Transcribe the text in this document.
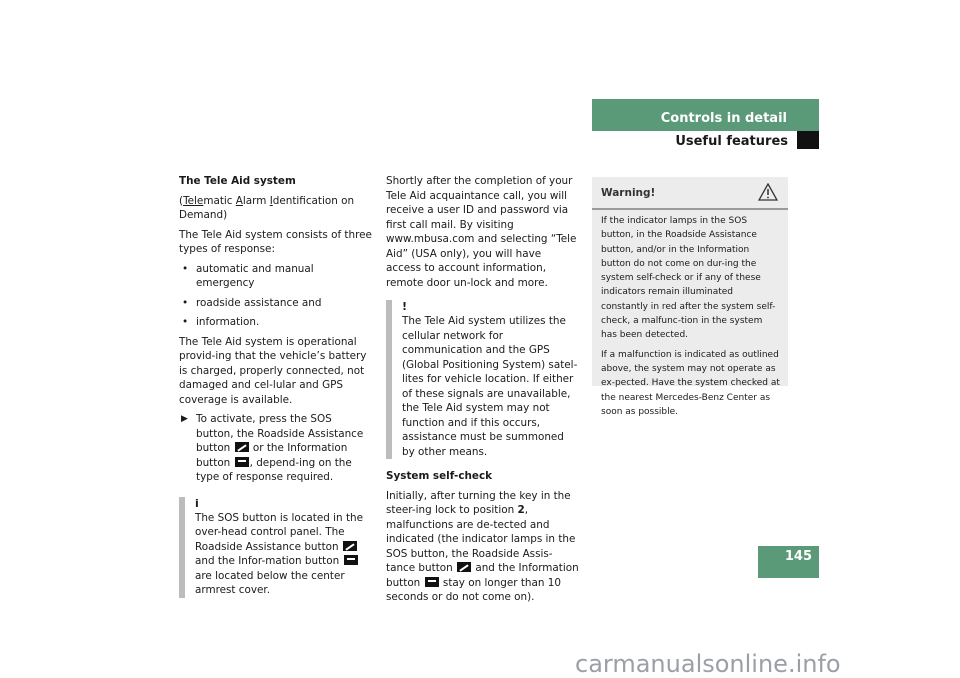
Controls in detail
Useful features

The Tele Aid system

(Telematic Alarm Identification on Demand)

The Tele Aid system consists of three types of response:

• automatic and manual emergency
• roadside assistance and
• information.

The Tele Aid system is operational provid-ing that the vehicle’s battery is charged, properly connected, not damaged and cel-lular and GPS coverage is available.

▶ To activate, press the SOS button, the Roadside Assistance button or the Information button , depend-ing on the type of response required.

i
The SOS button is located in the over-head control panel. The Roadside Assistance button  and the Infor-mation button  are located below the center armrest cover.

Shortly after the completion of your Tele Aid acquaintance call, you will receive a user ID and password via first call mail. By visiting www.mbusa.com and selecting “Tele Aid” (USA only), you will have access to account information, remote door un-lock and more.

!
The Tele Aid system utilizes the cellular network for communication and the GPS (Global Positioning System) satel-lites for vehicle location. If either of these signals are unavailable, the Tele Aid system may not function and if this occurs, assistance must be summoned by other means.

System self-check

Initially, after turning the key in the steer-ing lock to position 2, malfunctions are de-tected and indicated (the indicator lamps in the SOS button, the Roadside Assis-tance button and the Information button stay on longer than 10 seconds or do not come on).

Warning!

If the indicator lamps in the SOS button, in the Roadside Assistance button, and/or in the Information button do not come on dur-ing the system self-check or if any of these indicators remain illuminated constantly in red after the system self-check, a malfunc-tion in the system has been detected.

If a malfunction is indicated as outlined above, the system may not operate as ex-pected. Have the system checked at the nearest Mercedes-Benz Center as soon as possible.

145
carmanualsonline.info
